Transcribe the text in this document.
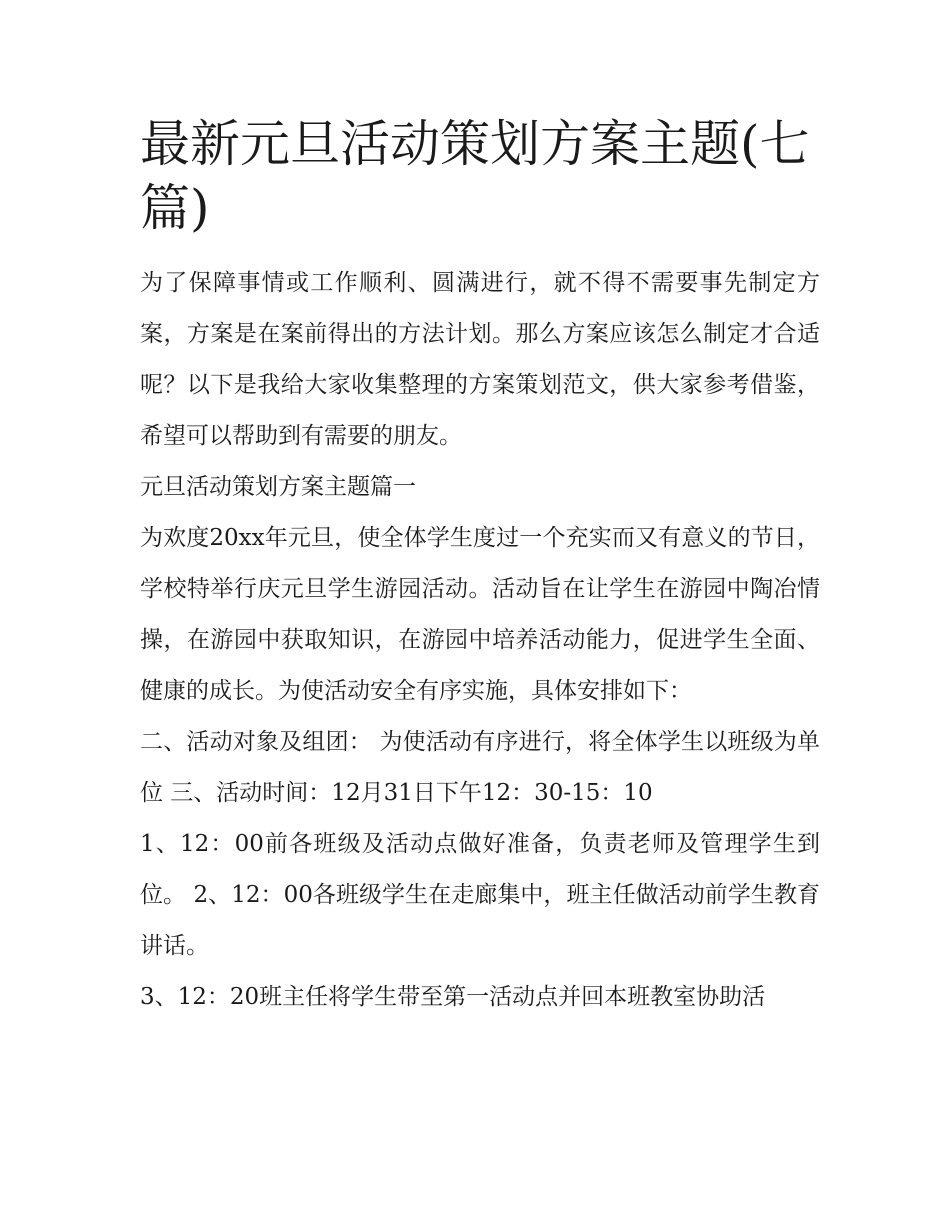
最新元旦活动策划方案主题(七篇)

为了保障事情或工作顺利、圆满进行，就不得不需要事先制定方案，方案是在案前得出的方法计划。那么方案应该怎么制定才合适呢？以下是我给大家收集整理的方案策划范文，供大家参考借鉴，希望可以帮助到有需要的朋友。

元旦活动策划方案主题篇一

为欢度20xx年元旦，使全体学生度过一个充实而又有意义的节日，学校特举行庆元旦学生游园活动。活动旨在让学生在游园中陶冶情操，在游园中获取知识，在游园中培养活动能力，促进学生全面、健康的成长。为使活动安全有序实施，具体安排如下：

二、活动对象及组团： 为使活动有序进行，将全体学生以班级为单位 三、活动时间：12月31日下午12：30-15：10

1、12：00前各班级及活动点做好准备，负责老师及管理学生到位。 2、12：00各班级学生在走廊集中，班主任做活动前学生教育讲话。

3、12：20班主任将学生带至第一活动点并回本班教室协助活
